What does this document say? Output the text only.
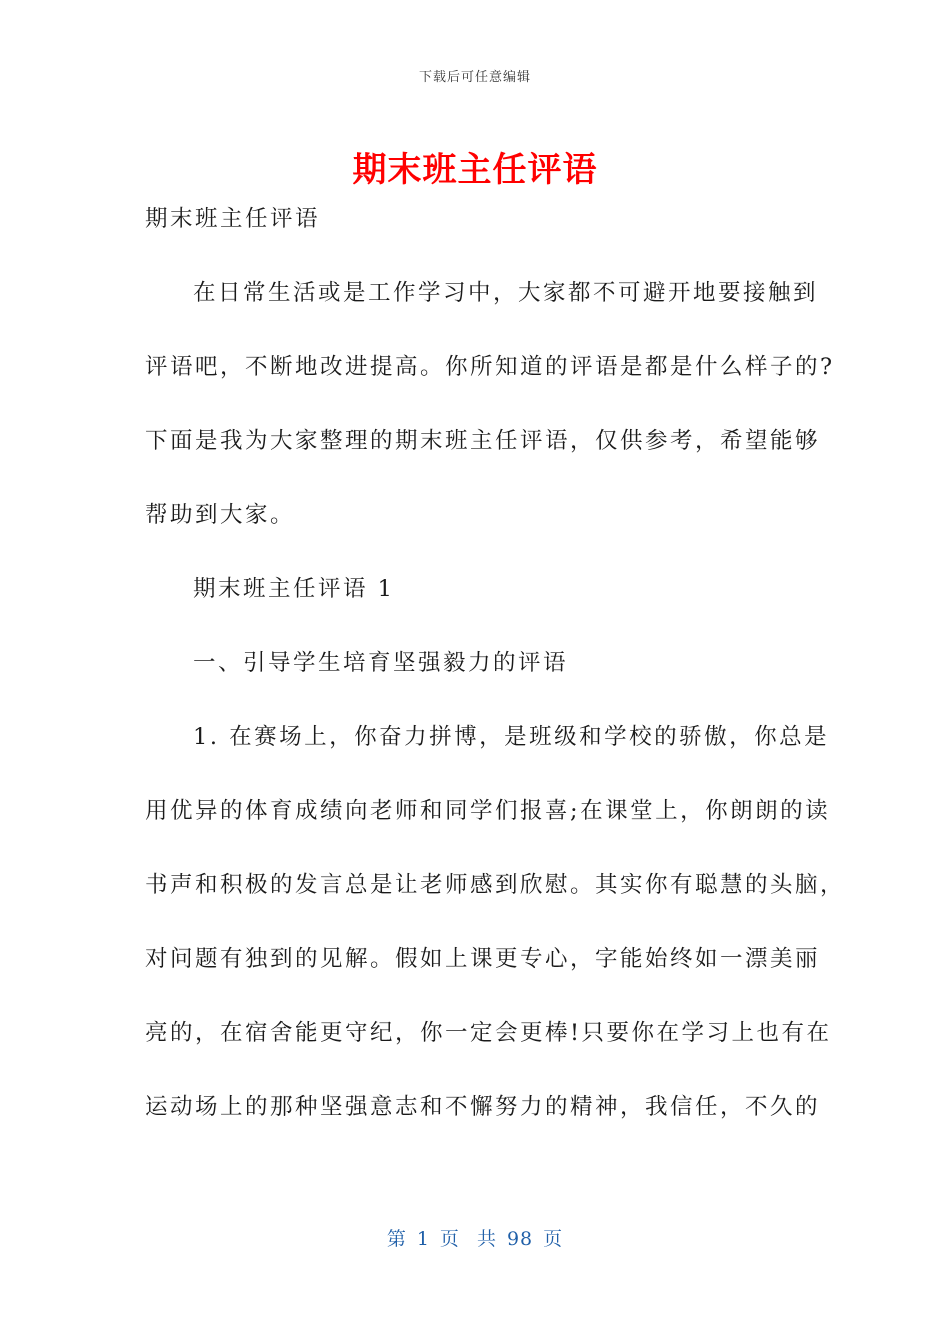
下载后可任意编辑
期末班主任评语
期末班主任评语
在日常生活或是工作学习中，大家都不可避开地要接触到
评语吧，不断地改进提高。你所知道的评语是都是什么样子的?
下面是我为大家整理的期末班主任评语，仅供参考，希望能够
帮助到大家。
期末班主任评语 1
一、引导学生培育坚强毅力的评语
1. 在赛场上，你奋力拼博，是班级和学校的骄傲，你总是
用优异的体育成绩向老师和同学们报喜;在课堂上，你朗朗的读
书声和积极的发言总是让老师感到欣慰。其实你有聪慧的头脑，
对问题有独到的见解。假如上课更专心，字能始终如一漂美丽
亮的，在宿舍能更守纪，你一定会更棒!只要你在学习上也有在
运动场上的那种坚强意志和不懈努力的精神，我信任，不久的
第 1 页 共 98 页
